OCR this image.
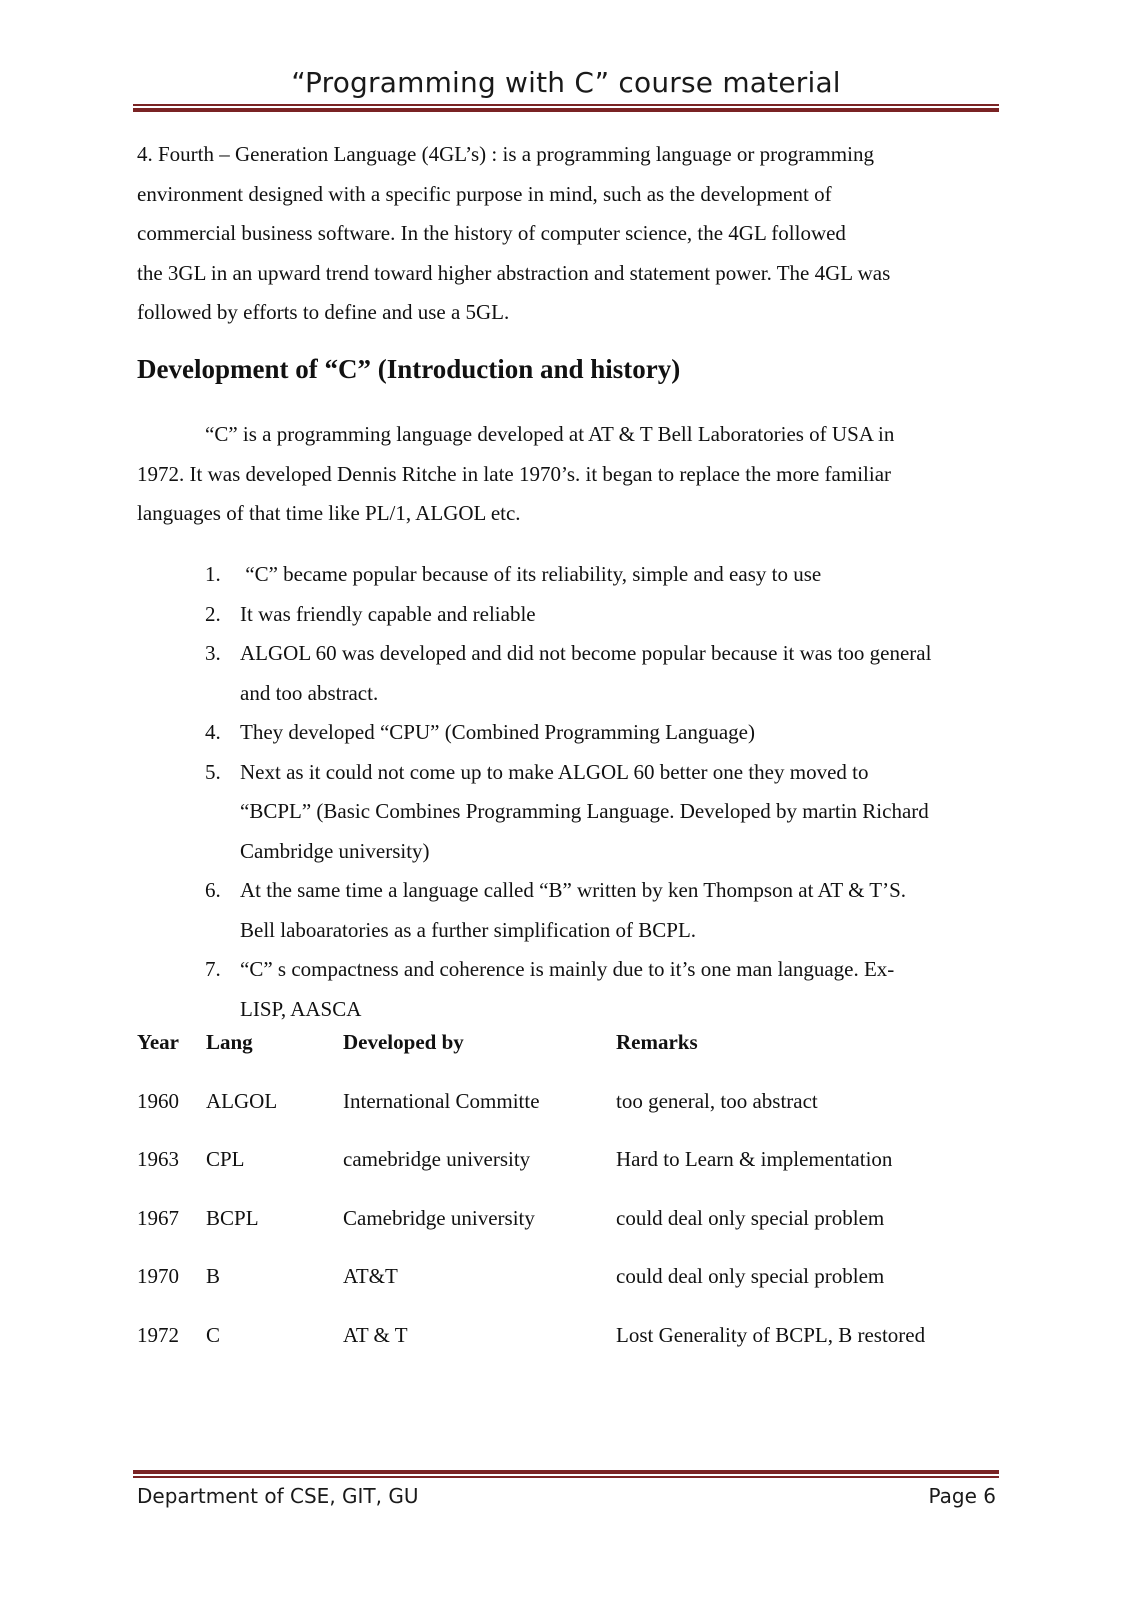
“Programming with C” course material
4. Fourth – Generation Language (4GL’s) : is a programming language or programming
environment designed with a specific purpose in mind, such as the development of
commercial business software. In the history of computer science, the 4GL followed
the 3GL in an upward trend toward higher abstraction and statement power. The 4GL was
followed by efforts to define and use a 5GL.
Development of “C” (Introduction and history)
“C” is a programming language developed at AT & T Bell Laboratories of USA in
1972. It was developed Dennis Ritche in late 1970’s. it began to replace the more familiar
languages of that time like PL/1, ALGOL etc.
1. “C” became popular because of its reliability, simple and easy to use
2. It was friendly capable and reliable
3. ALGOL 60 was developed and did not become popular because it was too general
and too abstract.
4. They developed “CPU” (Combined Programming Language)
5. Next as it could not come up to make ALGOL 60 better one they moved to
“BCPL” (Basic Combines Programming Language. Developed by martin Richard
Cambridge university)
6. At the same time a language called “B” written by ken Thompson at AT & T’S.
Bell laboaratories as a further simplification of BCPL.
7. “C” s compactness and coherence is mainly due to it’s one man language. Ex-
LISP, AASCA
Year Lang	Developed by	Remarks
1960 ALGOL	International Committe	too general, too abstract
1963 CPL	camebridge university	Hard to Learn & implementation
1967 BCPL	Camebridge university	could deal only special problem
1970 B	AT&T	could deal only special problem
1972 C	AT & T	Lost Generality of BCPL, B restored
Department of CSE, GIT, GU	Page 6
